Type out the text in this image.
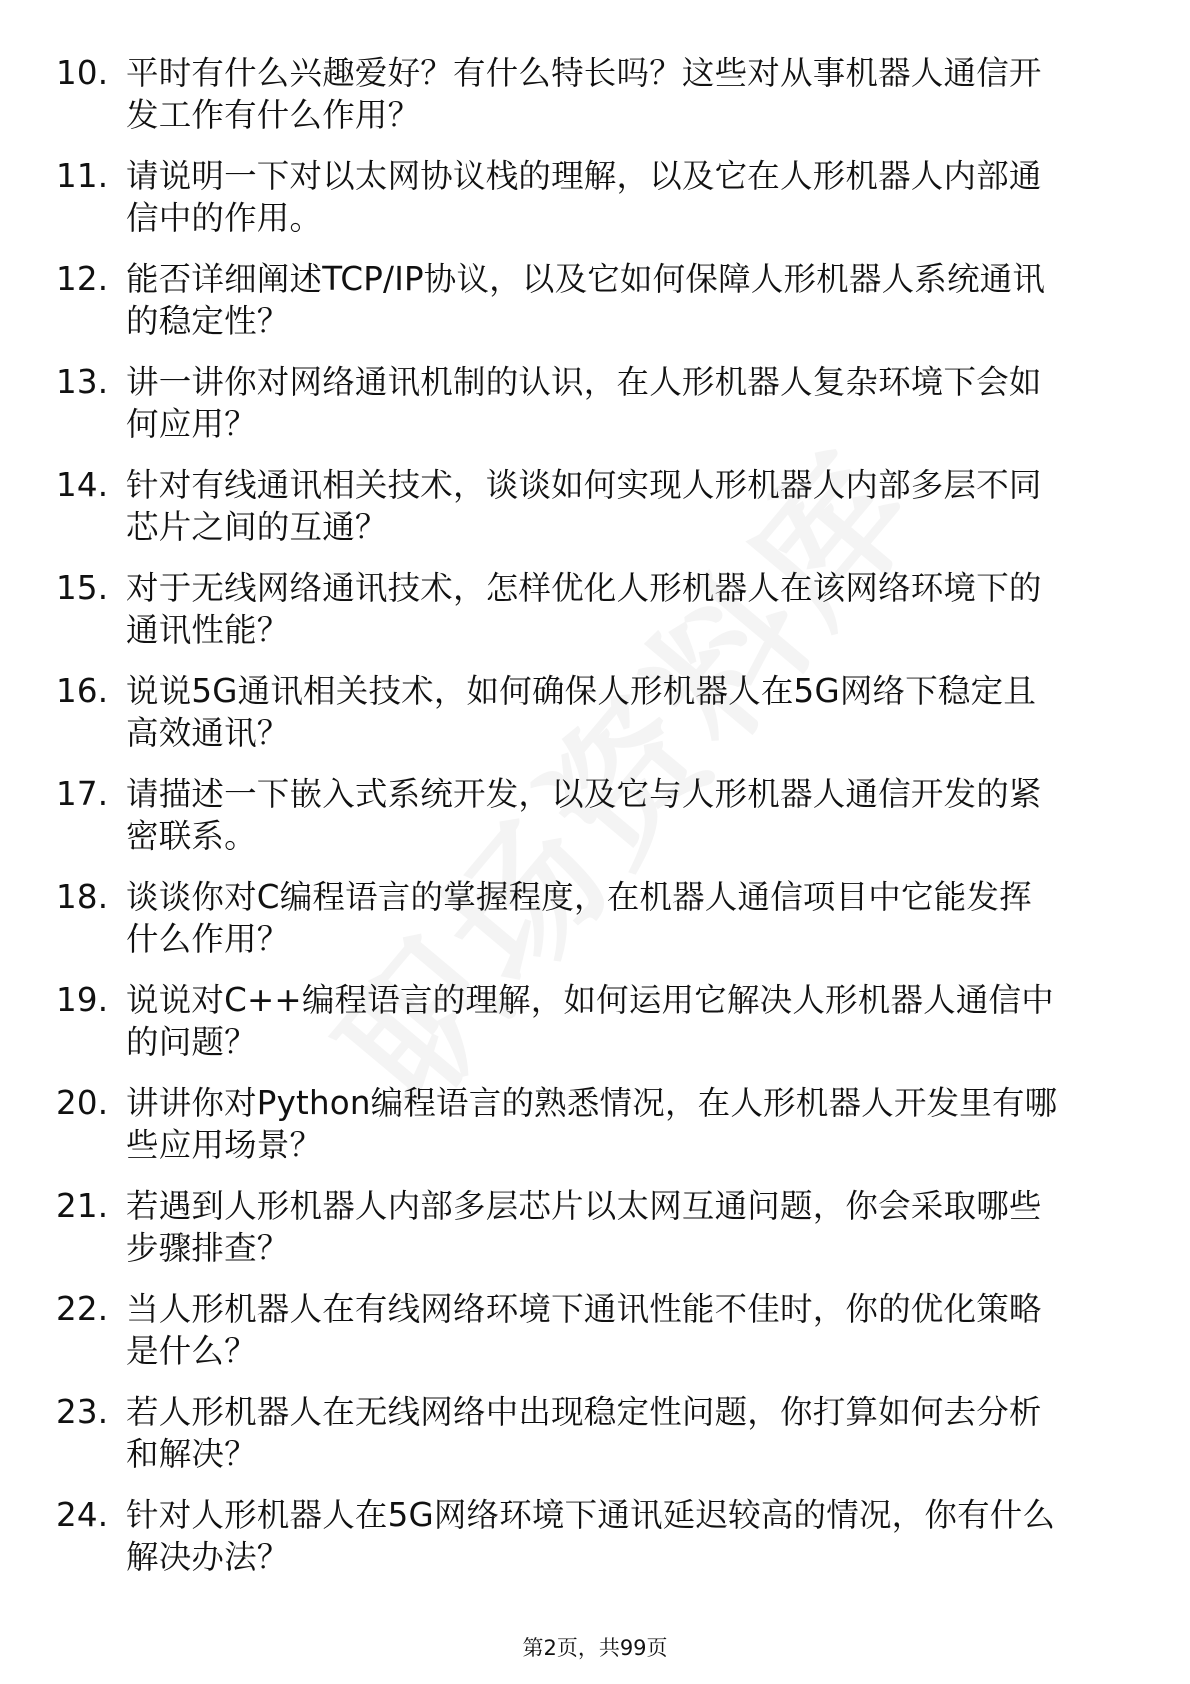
10. 平时有什么兴趣爱好？有什么特长吗？这些对从事机器人通信开
发工作有什么作用？
11. 请说明一下对以太网协议栈的理解，以及它在人形机器人内部通
信中的作用。
12. 能否详细阐述TCP/IP协议，以及它如何保障人形机器人系统通讯
的稳定性？
13. 讲一讲你对网络通讯机制的认识，在人形机器人复杂环境下会如
何应用？
14. 针对有线通讯相关技术，谈谈如何实现人形机器人内部多层不同
芯片之间的互通？
15. 对于无线网络通讯技术，怎样优化人形机器人在该网络环境下的
通讯性能？
16. 说说5G通讯相关技术，如何确保人形机器人在5G网络下稳定且
高效通讯？
17. 请描述一下嵌入式系统开发，以及它与人形机器人通信开发的紧
密联系。
18. 谈谈你对C编程语言的掌握程度，在机器人通信项目中它能发挥
什么作用？
19. 说说对C++编程语言的理解，如何运用它解决人形机器人通信中
的问题？
20. 讲讲你对Python编程语言的熟悉情况，在人形机器人开发里有哪
些应用场景？
21. 若遇到人形机器人内部多层芯片以太网互通问题，你会采取哪些
步骤排查？
22. 当人形机器人在有线网络环境下通讯性能不佳时，你的优化策略
是什么？
23. 若人形机器人在无线网络中出现稳定性问题，你打算如何去分析
和解决？
24. 针对人形机器人在5G网络环境下通讯延迟较高的情况，你有什么
解决办法？
第2页，共99页
